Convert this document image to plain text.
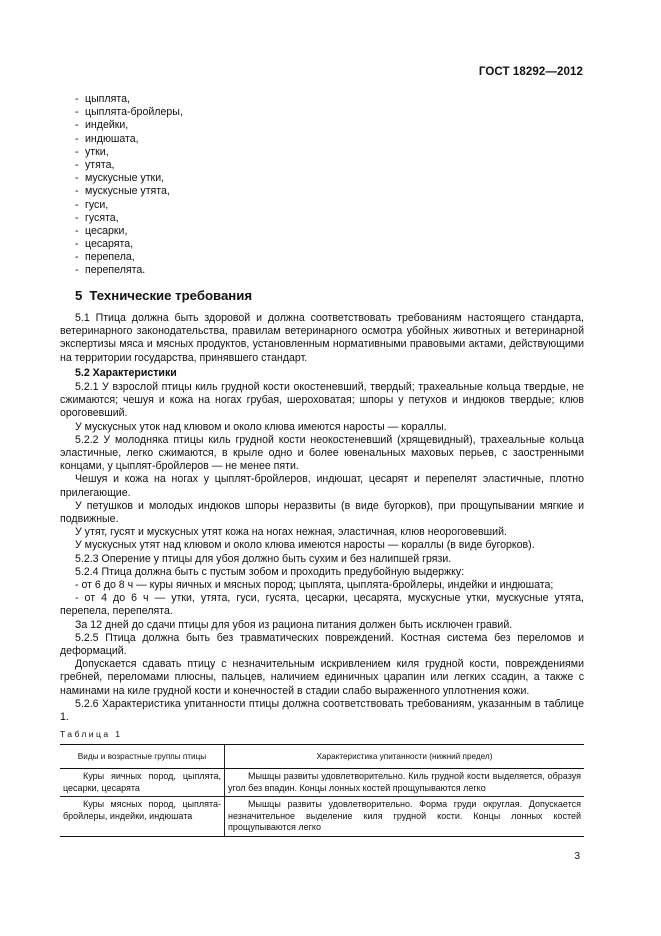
ГОСТ 18292—2012
- цыплята,
- цыплята-бройлеры,
- индейки,
- индюшата,
- утки,
- утята,
- мускусные утки,
- мускусные утята,
- гуси,
- гусята,
- цесарки,
- цесарята,
- перепела,
- перепелята.
5 Технические требования

5.1 Птица должна быть здоровой и должна соответствовать требованиям настоящего стандарта, ветеринарного законодательства, правилам ветеринарного осмотра убойных животных и ветеринарной экспертизы мяса и мясных продуктов, установленным нормативными правовыми актами, действующими на территории государства, принявшего стандарт.

5.2 Характеристики

5.2.1 У взрослой птицы киль грудной кости окостеневший, твердый; трахеальные кольца твердые, не сжимаются; чешуя и кожа на ногах грубая, шероховатая; шпоры у петухов и индюков твердые; клюв ороговевший.

У мускусных уток над клювом и около клюва имеются наросты — кораллы.

5.2.2 У молодняка птицы киль грудной кости неокостеневший (хрящевидный), трахеальные кольца эластичные, легко сжимаются, в крыле одно и более ювенальных маховых перьев, с заостренными концами, у цыплят-бройлеров — не менее пяти.

Чешуя и кожа на ногах у цыплят-бройлеров, индюшат, цесарят и перепелят эластичные, плотно прилегающие.

У петушков и молодых индюков шпоры неразвиты (в виде бугорков), при прощупывании мягкие и подвижные.

У утят, гусят и мускусных утят кожа на ногах нежная, эластичная, клюв неороговевший.

У мускусных утят над клювом и около клюва имеются наросты — кораллы (в виде бугорков).

5.2.3 Оперение у птицы для убоя должно быть сухим и без налипшей грязи.

5.2.4 Птица должна быть с пустым зобом и проходить предубойную выдержку:

- от 6 до 8 ч — куры яичных и мясных пород; цыплята, цыплята-бройлеры, индейки и индюшата;

- от 4 до 6 ч — утки, утята, гуси, гусята, цесарки, цесарята, мускусные утки, мускусные утята, перепела, перепелята.

За 12 дней до сдачи птицы для убоя из рациона питания должен быть исключен гравий.

5.2.5 Птица должна быть без травматических повреждений. Костная система без переломов и деформаций.

Допускается сдавать птицу с незначительным искривлением киля грудной кости, повреждениями гребней, переломами плюсны, пальцев, наличием единичных царапин или легких ссадин, а также с наминами на киле грудной кости и конечностей в стадии слабо выраженного уплотнения кожи.

5.2.6 Характеристика упитанности птицы должна соответствовать требованиям, указанным в таблице 1.

Таблица 1
Виды и возрастные группы птицы	Характеристика упитанности (нижний предел)
Куры яичных пород, цыплята, цесарки, цесарята	Мышцы развиты удовлетворительно. Киль грудной кости выделяется, образуя угол без впадин. Концы лонных костей прощупываются легко
Куры мясных пород, цыплята-бройлеры, индейки, индюшата	Мышцы развиты удовлетворительно. Форма груди округлая. Допускается незначительное выделение киля грудной кости. Концы лонных костей прощупываются легко
3
